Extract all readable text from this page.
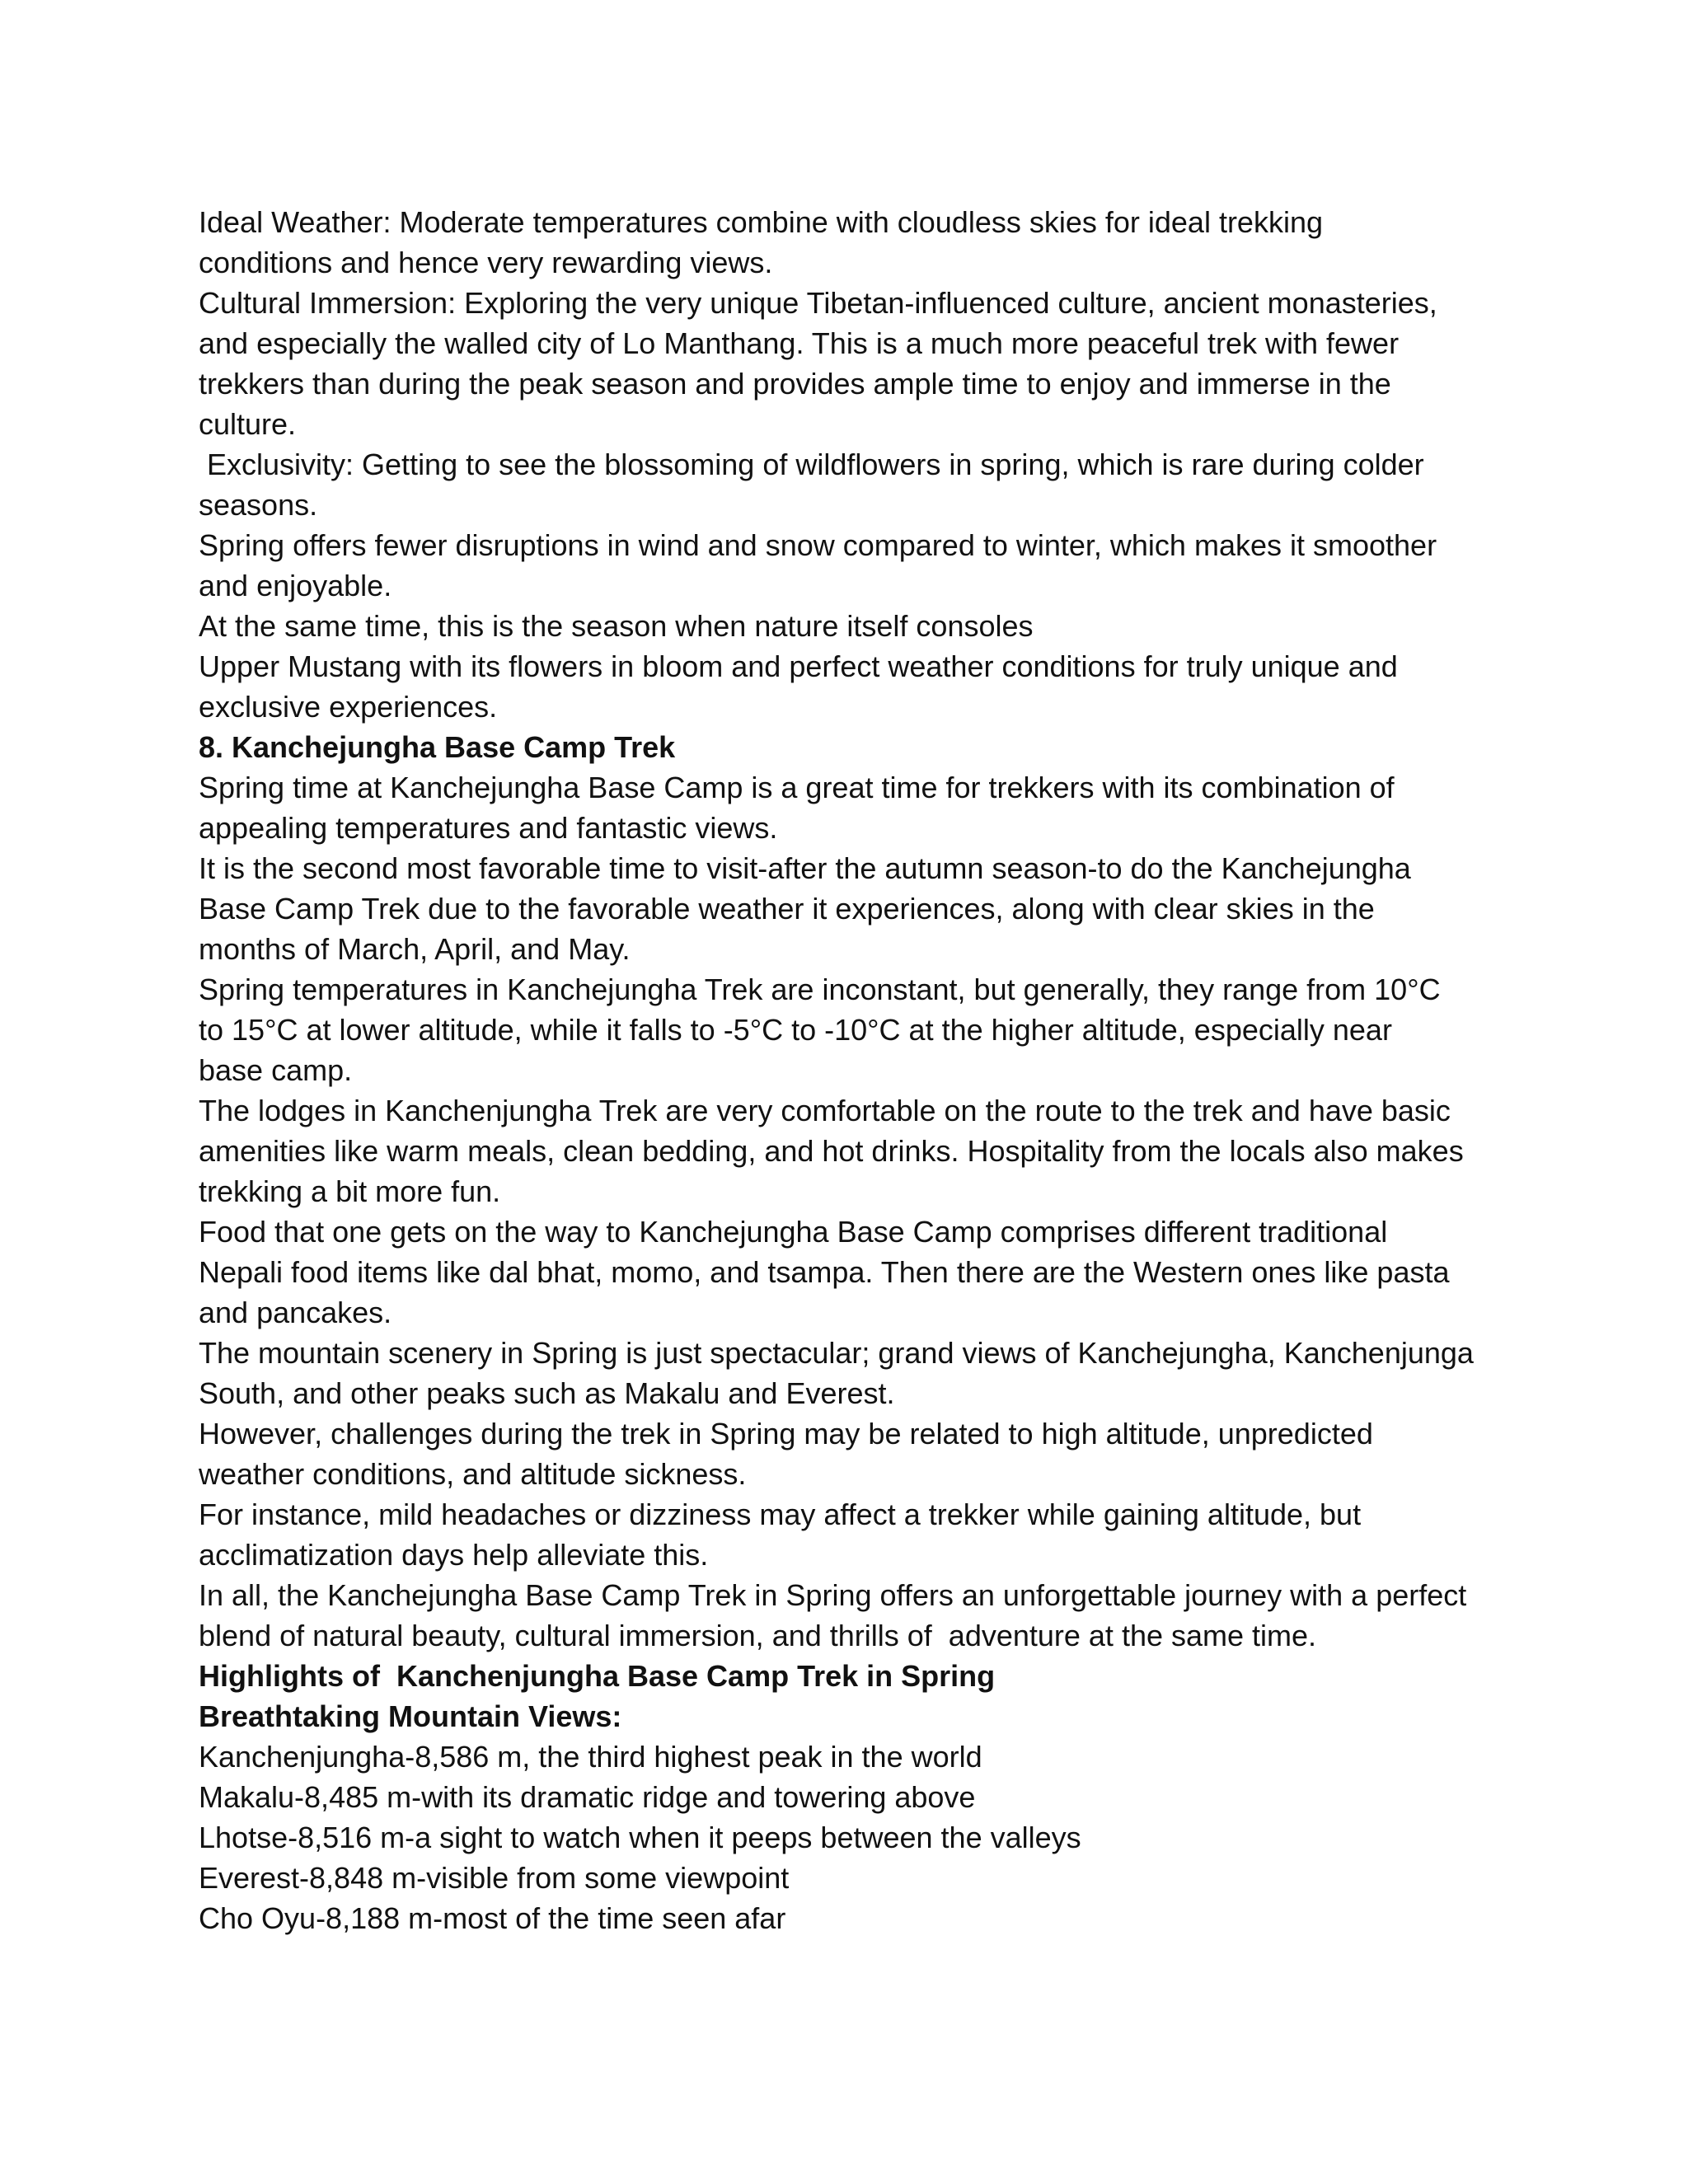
Ideal Weather: Moderate temperatures combine with cloudless skies for ideal trekking
conditions and hence very rewarding views.
Cultural Immersion: Exploring the very unique Tibetan-influenced culture, ancient monasteries,
and especially the walled city of Lo Manthang. This is a much more peaceful trek with fewer
trekkers than during the peak season and provides ample time to enjoy and immerse in the
culture.
Exclusivity: Getting to see the blossoming of wildflowers in spring, which is rare during colder
seasons.
Spring offers fewer disruptions in wind and snow compared to winter, which makes it smoother
and enjoyable.
At the same time, this is the season when nature itself consoles
Upper Mustang with its flowers in bloom and perfect weather conditions for truly unique and
exclusive experiences.
8. Kanchejungha Base Camp Trek
Spring time at Kanchejungha Base Camp is a great time for trekkers with its combination of
appealing temperatures and fantastic views.
It is the second most favorable time to visit-after the autumn season-to do the Kanchejungha
Base Camp Trek due to the favorable weather it experiences, along with clear skies in the
months of March, April, and May.
Spring temperatures in Kanchejungha Trek are inconstant, but generally, they range from 10°C
to 15°C at lower altitude, while it falls to -5°C to -10°C at the higher altitude, especially near
base camp.
The lodges in Kanchenjungha Trek are very comfortable on the route to the trek and have basic
amenities like warm meals, clean bedding, and hot drinks. Hospitality from the locals also makes
trekking a bit more fun.
Food that one gets on the way to Kanchejungha Base Camp comprises different traditional
Nepali food items like dal bhat, momo, and tsampa. Then there are the Western ones like pasta
and pancakes.
The mountain scenery in Spring is just spectacular; grand views of Kanchejungha, Kanchenjunga
South, and other peaks such as Makalu and Everest.
However, challenges during the trek in Spring may be related to high altitude, unpredicted
weather conditions, and altitude sickness.
For instance, mild headaches or dizziness may affect a trekker while gaining altitude, but
acclimatization days help alleviate this.
In all, the Kanchejungha Base Camp Trek in Spring offers an unforgettable journey with a perfect
blend of natural beauty, cultural immersion, and thrills of  adventure at the same time.
Highlights of  Kanchenjungha Base Camp Trek in Spring
Breathtaking Mountain Views:
Kanchenjungha-8,586 m, the third highest peak in the world
Makalu-8,485 m-with its dramatic ridge and towering above
Lhotse-8,516 m-a sight to watch when it peeps between the valleys
Everest-8,848 m-visible from some viewpoint
Cho Oyu-8,188 m-most of the time seen afar
